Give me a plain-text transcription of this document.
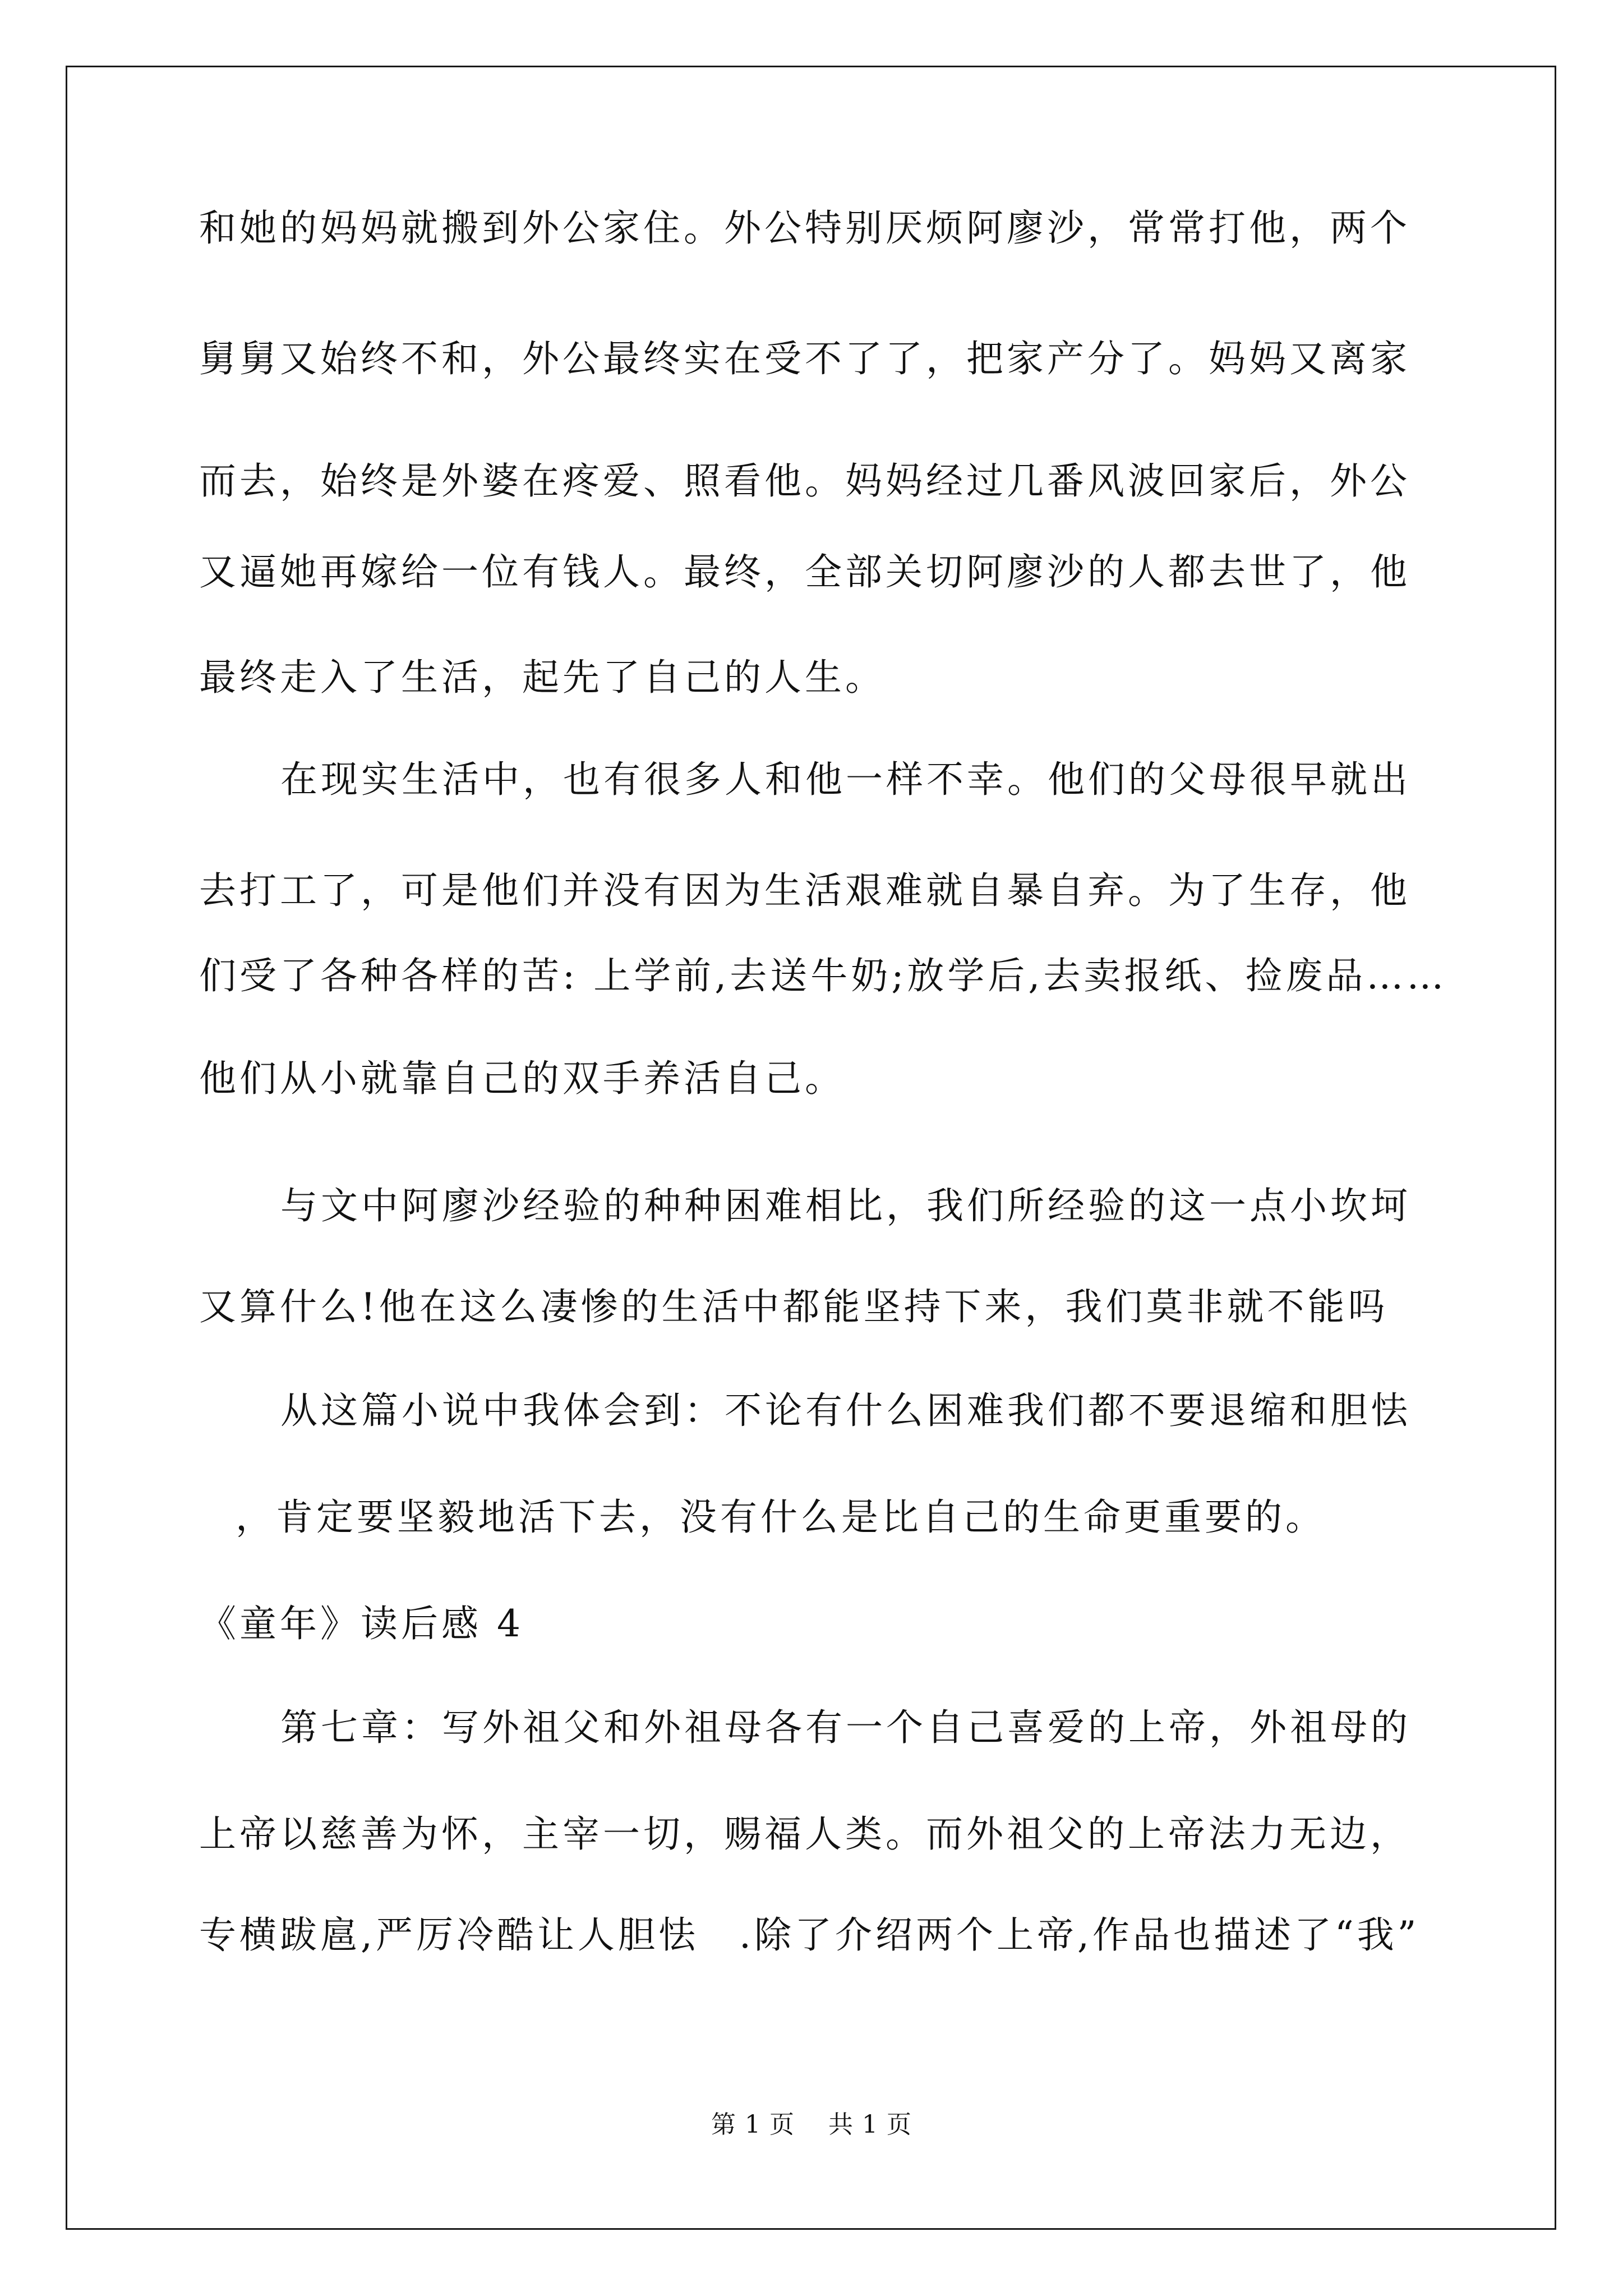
和她的妈妈就搬到外公家住。外公特别厌烦阿廖沙，常常打他，两个
舅舅又始终不和，外公最终实在受不了了，把家产分了。妈妈又离家
而去，始终是外婆在疼爱、照看他。妈妈经过几番风波回家后，外公
又逼她再嫁给一位有钱人。最终，全部关切阿廖沙的人都去世了，他
最终走入了生活，起先了自己的人生。
在现实生活中，也有很多人和他一样不幸。他们的父母很早就出
去打工了，可是他们并没有因为生活艰难就自暴自弃。为了生存，他
们受了各种各样的苦: 上学前,去送牛奶;放学后,去卖报纸、捡废品……
他们从小就靠自己的双手养活自己。
与文中阿廖沙经验的种种困难相比，我们所经验的这一点小坎坷
又算什么!他在这么凄惨的生活中都能坚持下来，我们莫非就不能吗
从这篇小说中我体会到：不论有什么困难我们都不要退缩和胆怯
，肯定要坚毅地活下去，没有什么是比自己的生命更重要的。
《童年》读后感 4
第七章：写外祖父和外祖母各有一个自己喜爱的上帝，外祖母的
上帝以慈善为怀，主宰一切，赐福人类。而外祖父的上帝法力无边，
专横跋扈,严厉冷酷让人胆怯　.除了介绍两个上帝,作品也描述了“我”
第 1 页　 共 1 页
